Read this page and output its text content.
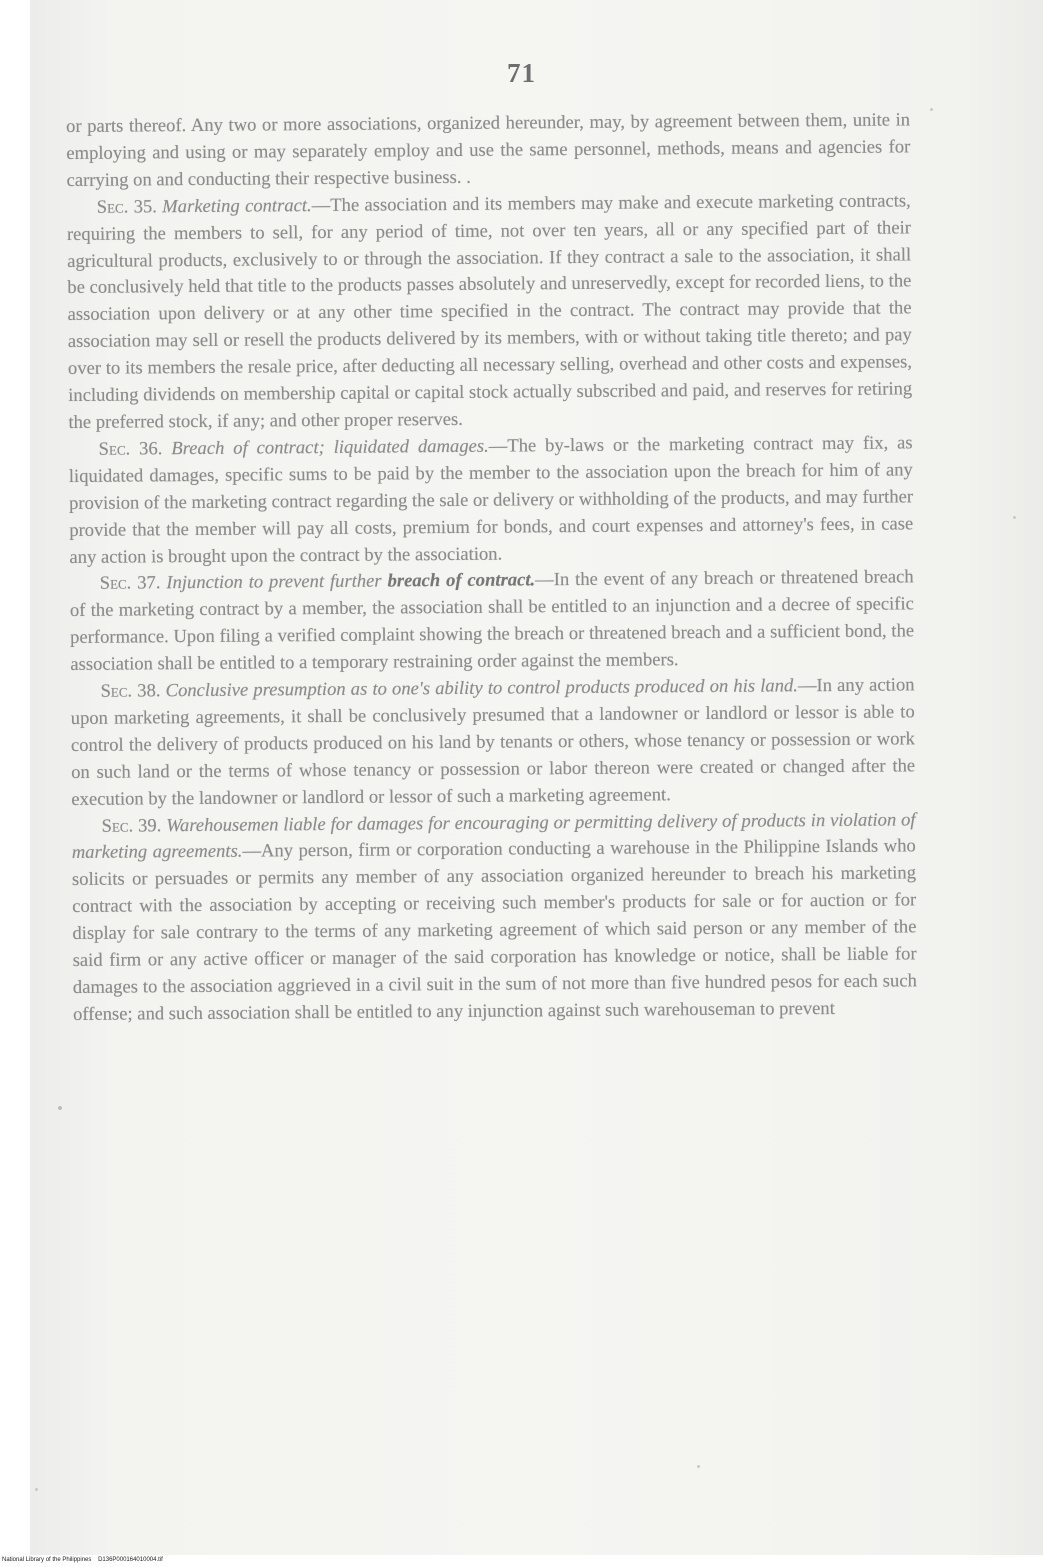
71

or parts thereof. Any two or more associations, organized hereunder, may, by agreement between them, unite in employing and using or may separately employ and use the same personnel, methods, means and agencies for carrying on and conducting their respective business. .

Sec. 35. Marketing contract.—The association and its members may make and execute marketing contracts, requiring the members to sell, for any period of time, not over ten years, all or any specified part of their agricultural products, exclusively to or through the association. If they contract a sale to the association, it shall be conclusively held that title to the products passes absolutely and unreservedly, except for recorded liens, to the association upon delivery or at any other time specified in the contract. The contract may provide that the association may sell or resell the products delivered by its members, with or without taking title thereto; and pay over to its members the resale price, after deducting all necessary selling, overhead and other costs and expenses, including dividends on membership capital or capital stock actually subscribed and paid, and reserves for retiring the preferred stock, if any; and other proper reserves.

Sec. 36. Breach of contract; liquidated damages.—The by-laws or the marketing contract may fix, as liquidated damages, specific sums to be paid by the member to the association upon the breach for him of any provision of the marketing contract regarding the sale or delivery or withholding of the products, and may further provide that the member will pay all costs, premium for bonds, and court expenses and attorney's fees, in case any action is brought upon the contract by the association.

Sec. 37. Injunction to prevent further breach of contract.—In the event of any breach or threatened breach of the marketing contract by a member, the association shall be entitled to an injunction and a decree of specific performance. Upon filing a verified complaint showing the breach or threatened breach and a sufficient bond, the association shall be entitled to a temporary restraining order against the members.

Sec. 38. Conclusive presumption as to one's ability to control products produced on his land.—In any action upon marketing agreements, it shall be conclusively presumed that a landowner or landlord or lessor is able to control the delivery of products produced on his land by tenants or others, whose tenancy or possession or work on such land or the terms of whose tenancy or possession or labor thereon were created or changed after the execution by the landowner or landlord or lessor of such a marketing agreement.

Sec. 39. Warehousemen liable for damages for encouraging or permitting delivery of products in violation of marketing agreements.—Any person, firm or corporation conducting a warehouse in the Philippine Islands who solicits or persuades or permits any member of any association organized hereunder to breach his marketing contract with the association by accepting or receiving such member's products for sale or for auction or for display for sale contrary to the terms of any marketing agreement of which said person or any member of the said firm or any active officer or manager of the said corporation has knowledge or notice, shall be liable for damages to the association aggrieved in a civil suit in the sum of not more than five hundred pesos for each such offense; and such association shall be entitled to any injunction against such warehouseman to prevent

National Library of the Philippines D136P000164010004.tif
